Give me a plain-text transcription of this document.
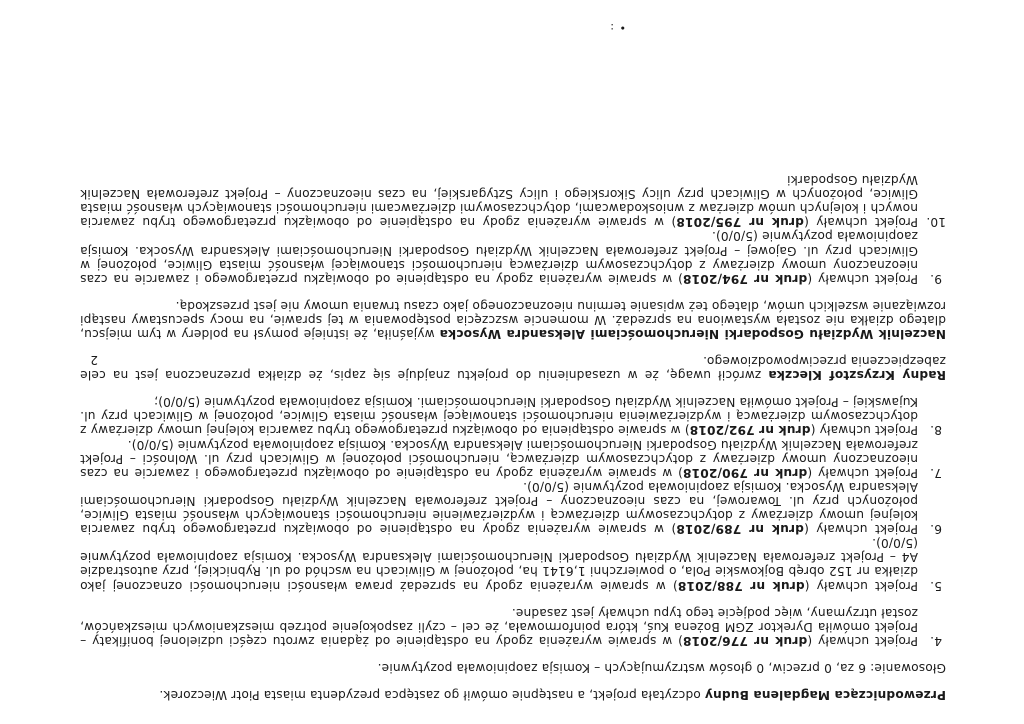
Przewodnicząca Magdalena Budny odczytała projekt, a następnie omówił go zastępca prezydenta miasta Piotr Wieczorek.

Głosowanie: 6 za, 0 przeciw, 0 głosów wstrzymujących – Komisja zaopiniowała pozytywnie.

4.
Projekt uchwały (druk nr 776/2018) w sprawie wyrażenia zgody na odstąpienie od żądania zwrotu części udzielonej bonifikaty – Projekt omówiła Dyrektor ZGM Bożena Kuś, która poinformowała, że cel – czyli zaspokojenie potrzeb mieszkaniowych mieszkańców, został utrzymany, więc podjęcie tego typu uchwały jest zasadne.
5.
Projekt uchwały (druk nr 788/2018) w sprawie wyrażenia zgody na sprzedaż prawa własności nieruchomości oznaczonej jako działka nr 152 obręb Bojkowskie Pola, o powierzchni 1,6141 ha, położonej w Gliwicach na wschód od ul. Rybnickiej, przy autostradzie A4 – Projekt zreferowała Naczelnik Wydziału Gospodarki Nieruchomościami Aleksandra Wysocka. Komisja zaopiniowała pozytywnie (5/0/0).
6.
Projekt uchwały (druk nr 789/2018) w sprawie wyrażenia zgody na odstąpienie od obowiązku przetargowego trybu zawarcia kolejnej umowy dzierżawy z dotychczasowym dzierżawcą i wydzierżawienie nieruchomości stanowiących własność miasta Gliwice, położonych przy ul. Towarowej, na czas nieoznaczony – Projekt zreferowała Naczelnik Wydziału Gospodarki Nieruchomościami Aleksandra Wysocka. Komisja zaopiniowała pozytywnie (5/0/0).
7.
Projekt uchwały (druk nr 790/2018) w sprawie wyrażenia zgody na odstąpienie od obowiązku przetargowego i zawarcie na czas nieoznaczony umowy dzierżawy z dotychczasowym dzierżawcą, nieruchomości położonej w Gliwicach przy ul. Wolności – Projekt zreferowała Naczelnik Wydziału Gospodarki Nieruchomościami Aleksandra Wysocka. Komisja zaopiniowała pozytywnie (5/0/0).
8.
Projekt uchwały (druk nr 792/2018) w sprawie odstąpienia od obowiązku przetargowego trybu zawarcia kolejnej umowy dzierżawy z dotychczasowym dzierżawcą i wydzierżawienia nieruchomości stanowiącej własność miasta Gliwice, położonej w Gliwicach przy ul. Kujawskiej – Projekt omówiła Naczelnik Wydziału Gospodarki Nieruchomościami. Komisja zaopiniowała pozytywnie (5/0/0);

Radny Krzysztof Kleczka zwrócił uwagę, że w uzasadnieniu do projektu znajduje się zapis, że działka przeznaczona jest na cele zabezpieczenia przeciwpowodziowego.

Naczelnik Wydziału Gospodarki Nieruchomościami Aleksandra Wysocka wyjaśniła, że istnieje pomysł na poldery w tym miejscu, dlatego działka nie została wystawiona na sprzedaż. W momencie wszczęcia postępowania w tej sprawie, na mocy specustawy nastąpi rozwiązanie wszelkich umów, dlatego też wpisanie terminu nieoznaczonego jako czasu trwania umowy nie jest przeszkodą.

9.
Projekt uchwały (druk nr 794/2018) w sprawie wyrażenia zgody na odstąpienie od obowiązku przetargowego i zawarcie na czas nieoznaczony umowy dzierżawy z dotychczasowym dzierżawcą nieruchomości stanowiącej własność miasta Gliwice, położonej w Gliwicach przy ul. Gajowej – Projekt zreferowała Naczelnik Wydziału Gospodarki Nieruchomościami Aleksandra Wysocka. Komisja zaopiniowała pozytywnie (5/0/0).
10.
Projekt uchwały (druk nr 795/2018) w sprawie wyrażenia zgody na odstąpienie od obowiązku przetargowego trybu zawarcia nowych i kolejnych umów dzierżaw z wnioskodawcami, dotychczasowymi dzierżawcami nieruchomości stanowiących własność miasta Gliwice, położonych w Gliwicach przy ulicy Sikorskiego i ulicy Sztygarskiej, na czas nieoznaczony – Projekt zreferowała Naczelnik Wydziału Gospodarki
2
• :
